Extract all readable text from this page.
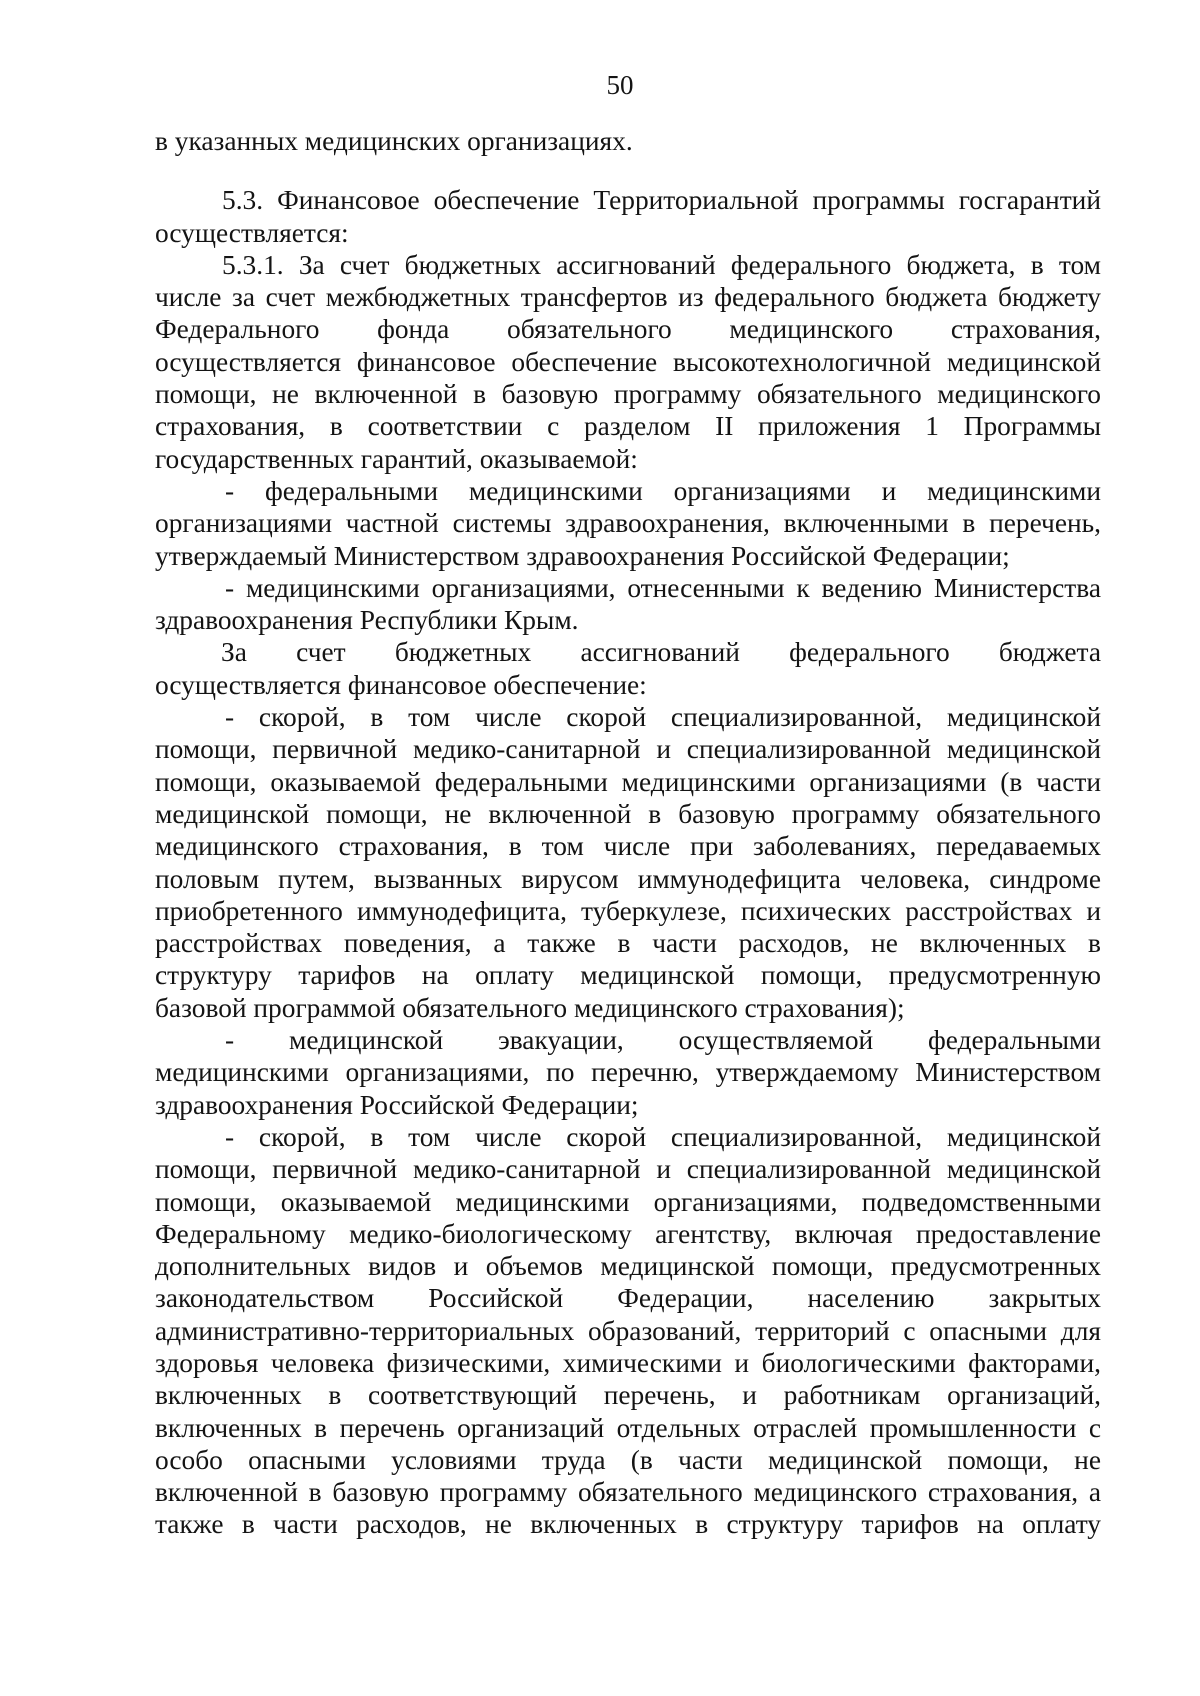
50
в указанных медицинских организациях.
5.3. Финансовое обеспечение Территориальной программы госгарантий
осуществляется:
5.3.1. За счет бюджетных ассигнований федерального бюджета, в том
числе за счет межбюджетных трансфертов из федерального бюджета бюджету
Федерального фонда обязательного медицинского страхования,
осуществляется финансовое обеспечение высокотехнологичной медицинской
помощи, не включенной в базовую программу обязательного медицинского
страхования, в соответствии с разделом II приложения 1 Программы
государственных гарантий, оказываемой:
- федеральными медицинскими организациями и медицинскими
организациями частной системы здравоохранения, включенными в перечень,
утверждаемый Министерством здравоохранения Российской Федерации;
- медицинскими организациями, отнесенными к ведению Министерства
здравоохранения Республики Крым.
За счет бюджетных ассигнований федерального бюджета
осуществляется финансовое обеспечение:
- скорой, в том числе скорой специализированной, медицинской
помощи, первичной медико-санитарной и специализированной медицинской
помощи, оказываемой федеральными медицинскими организациями (в части
медицинской помощи, не включенной в базовую программу обязательного
медицинского страхования, в том числе при заболеваниях, передаваемых
половым путем, вызванных вирусом иммунодефицита человека, синдроме
приобретенного иммунодефицита, туберкулезе, психических расстройствах и
расстройствах поведения, а также в части расходов, не включенных в
структуру тарифов на оплату медицинской помощи, предусмотренную
базовой программой обязательного медицинского страхования);
- медицинской эвакуации, осуществляемой федеральными
медицинскими организациями, по перечню, утверждаемому Министерством
здравоохранения Российской Федерации;
- скорой, в том числе скорой специализированной, медицинской
помощи, первичной медико-санитарной и специализированной медицинской
помощи, оказываемой медицинскими организациями, подведомственными
Федеральному медико-биологическому агентству, включая предоставление
дополнительных видов и объемов медицинской помощи, предусмотренных
законодательством Российской Федерации, населению закрытых
административно-территориальных образований, территорий с опасными для
здоровья человека физическими, химическими и биологическими факторами,
включенных в соответствующий перечень, и работникам организаций,
включенных в перечень организаций отдельных отраслей промышленности с
особо опасными условиями труда (в части медицинской помощи, не
включенной в базовую программу обязательного медицинского страхования, а
также в части расходов, не включенных в структуру тарифов на оплату
